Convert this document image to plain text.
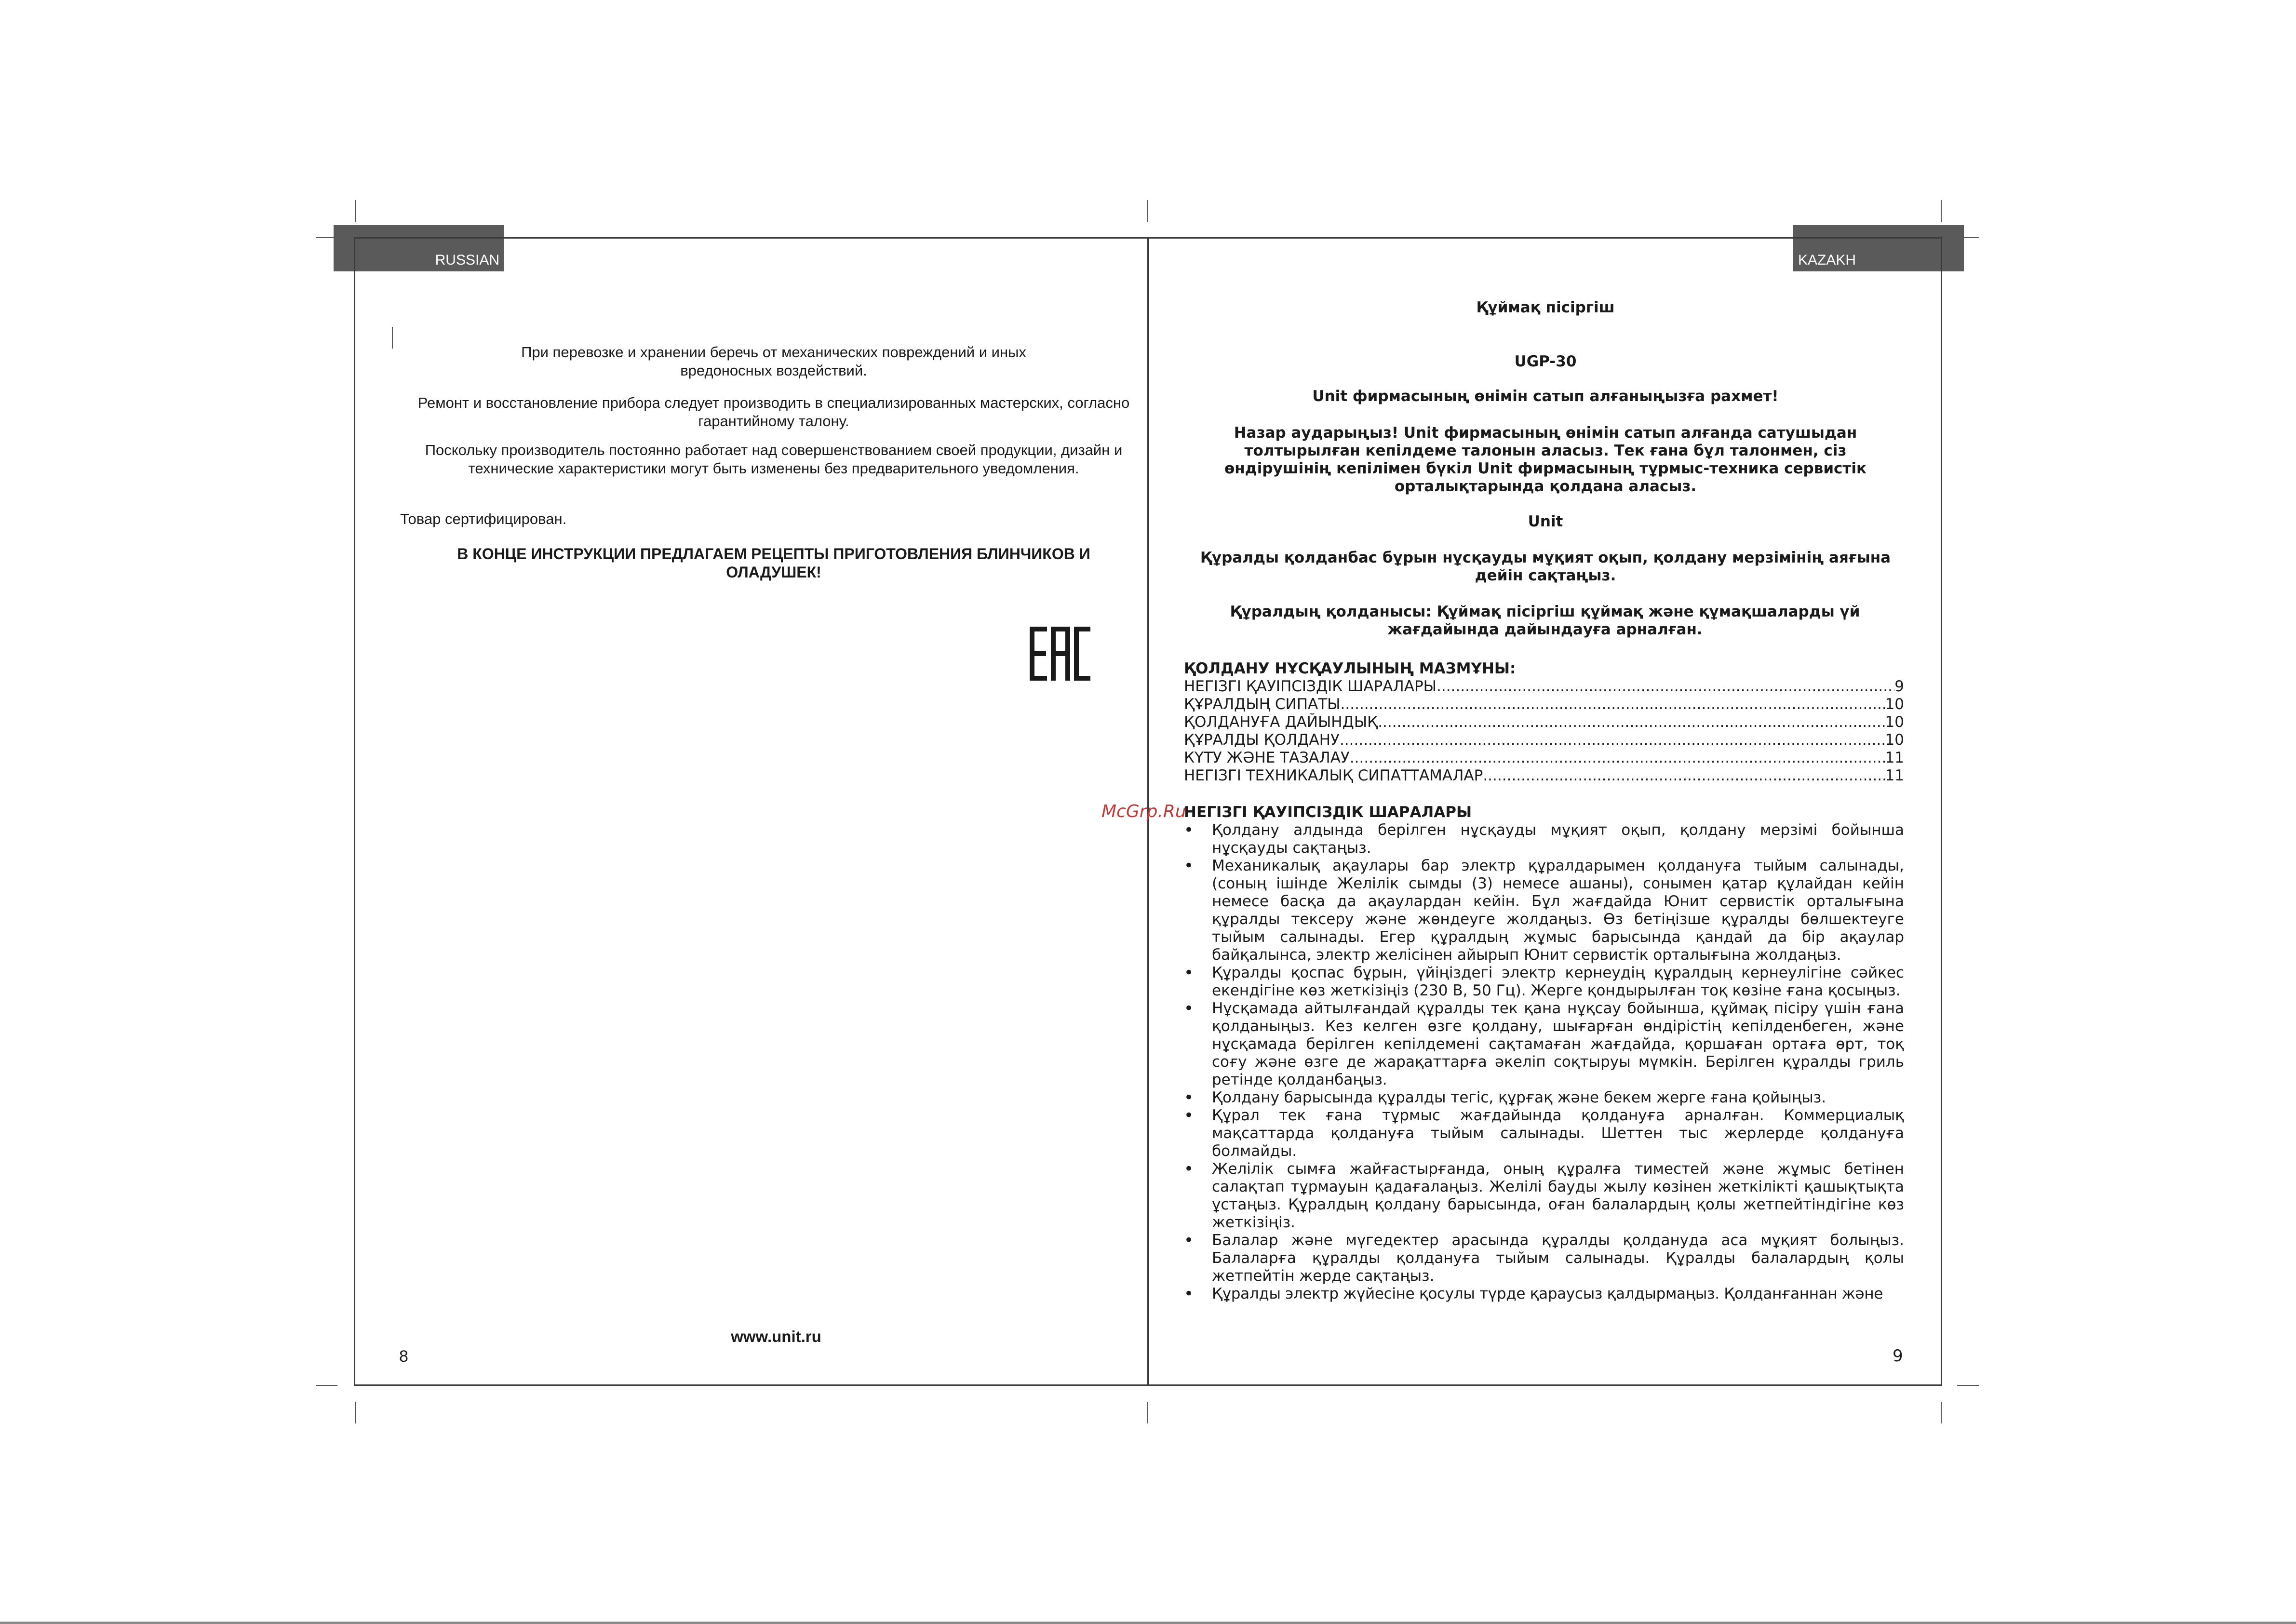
RUSSIAN	KAZAKH
При перевозке и хранении беречь от механических повреждений и иных вредоносных воздействий.
Ремонт и восстановление прибора следует производить в специализированных мастерских, согласно гарантийному талону.
Поскольку производитель постоянно работает над совершенствованием своей продукции, дизайн и технические характеристики могут быть изменены без предварительного уведомления.
Товар сертифицирован.
В КОНЦЕ ИНСТРУКЦИИ ПРЕДЛАГАЕМ РЕЦЕПТЫ ПРИГОТОВЛЕНИЯ БЛИНЧИКОВ И ОЛАДУШЕК!
www.unit.ru
8
McGrp.Ru
Құймақ пісіргіш
UGP-30
Unit фирмасының өнімін сатып алғаныңызға рахмет!
Назар аударыңыз! Unit фирмасының өнімін сатып алғанда сатушыдан толтырылған кепілдеме талонын алаcыз. Тек ғана бұл талонмен, сіз өндірушінің кепілімен бүкіл Unit фирмасының тұрмыс-техника сервистік орталықтарында қолдана алаcыз.
Unit
Құралды қолданбас бұрын нұсқауды мұқият оқып, қолдану мерзімінің аяғына дейін сақтаңыз.
Құралдың қолданысы: Құймақ пісіргіш құймақ және құмақшаларды үй жағдайында дайындауға арналған.
ҚОЛДАНУ НҰСҚАУЛЫНЫҢ МАЗМҰНЫ:
НЕГІЗГІ ҚАУІПСІЗДІК ШАРАЛАРЫ .....	9
ҚҰРАЛДЫҢ СИПАТЫ .....	10
ҚОЛДАНУҒА ДАЙЫНДЫҚ .....	10
ҚҰРАЛДЫ ҚОЛДАНУ .....	10
КҮТУ ЖӘНЕ ТАЗАЛАУ .....	11
НЕГІЗГІ ТЕХНИКАЛЫҚ СИПАТТАМАЛАР .....	11
НЕГІЗГІ ҚАУІПСІЗДІК ШАРАЛАРЫ
• Қолдану алдында берілген нұсқауды мұқият оқып, қолдану мерзімі бойынша нұсқауды сақтаңыз.
• Механикалық ақаулары бар электр құралдарымен қолдануға тыйым салынады, (соның ішінде Желілік сымды (3) немесе ашаны), сонымен қатар құлайдан кейін немесе басқа да ақаулардан кейін. Бұл жағдайда Юнит сервистік орталығына құралды тексеру және жөндеуге жолдаңыз. Өз бетіңізше құралды бөлшектеуге тыйым салынады. Егер құралдың жұмыс барысында қандай да бір ақаулар байқалынса, электр желісінен айырып Юнит сервистік орталығына жолдаңыз.
• Құралды қоспас бұрын, үйіңіздегі электр кернеудің құралдың кернеулігіне сәйкес екендігіне көз жеткізіңіз (230 В, 50 Гц). Жерге қондырылған тоқ көзіне ғана қосыңыз.
• Нұсқамада айтылғандай құралды тек қана нұқсау бойынша, құймақ пісіру үшін ғана қолданыңыз. Кез келген өзге қолдану, шығарған өндірістің кепілденбеген, және нұсқамада берілген кепілдемені сақтамаған жағдайда, қоршаған ортаға өрт, тоқ соғу және өзге де жарақаттарға әкеліп соқтыруы мүмкін. Берілген құралды гриль ретінде қолданбаңыз.
• Қолдану барысында құралды тегіс, құрғақ және бекем жерге ғана қойыңыз.
• Құрал тек ғана тұрмыс жағдайында қолдануға арналған. Коммерциалық мақсаттарда қолдануға тыйым салынады. Шеттен тыс жерлерде қолдануға болмайды.
• Желілік сымға жайғастырғанда, оның құралға тиместей және жұмыс бетінен салақтап тұрмауын қадағалаңыз. Желілі бауды жылу көзінен жеткілікті қашықтықта ұстаңыз. Құралдың қолдану барысында, оған балалардың қолы жетпейтіндігіне көз жеткізіңіз.
• Балалар және мүгедектер арасында құралды қолдануда аса мұқият болыңыз. Балаларға құралды қолдануға тыйым салынады. Құралды балалардың қолы жетпейтін жерде сақтаңыз.
• Құралды электр жүйесіне қосулы түрде қараусыз қалдырмаңыз. Қолданғаннан және
9
